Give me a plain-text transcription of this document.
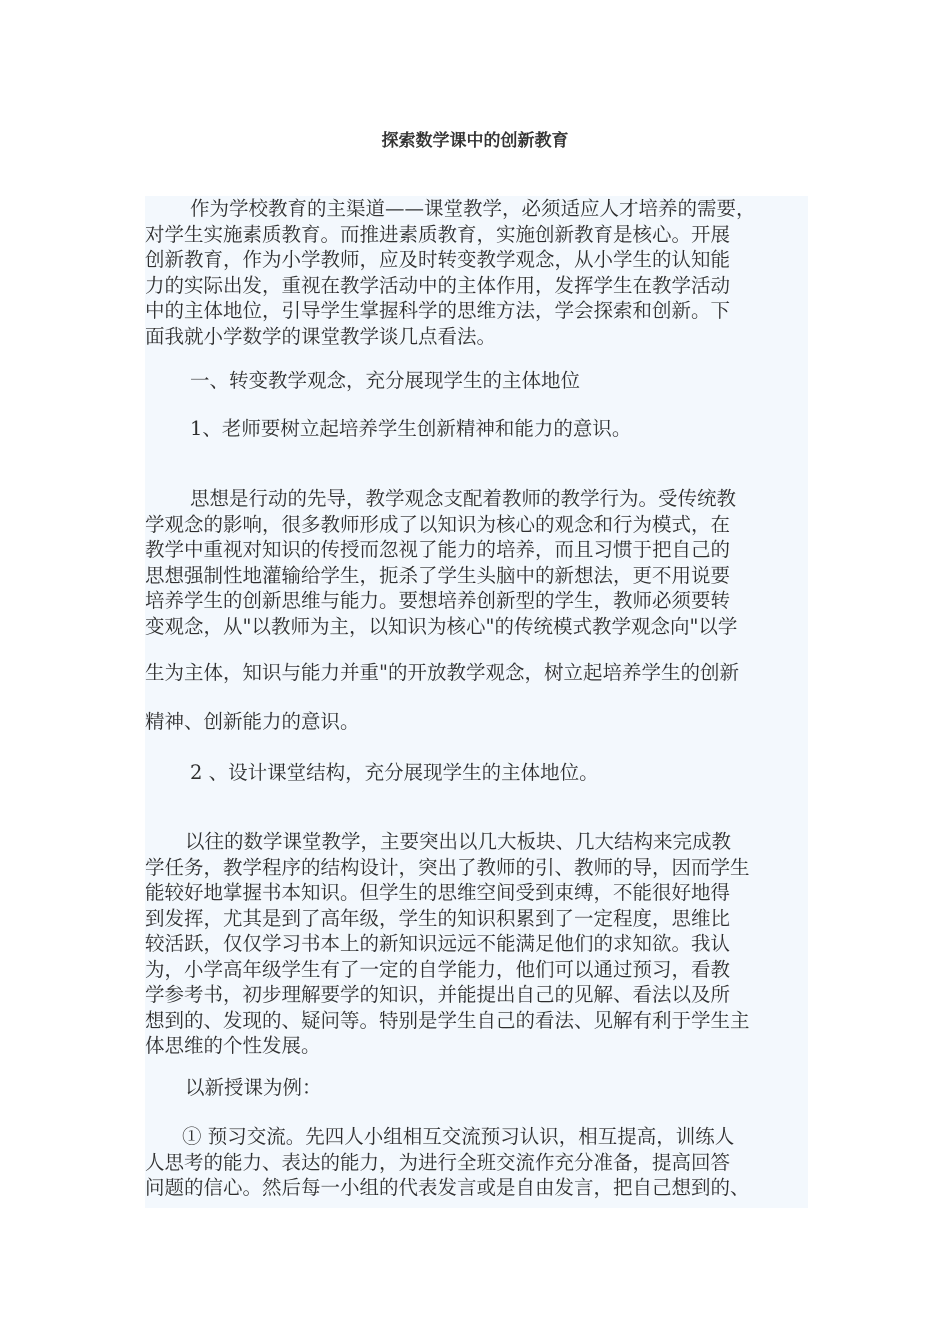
探索数学课中的创新教育
作为学校教育的主渠道——课堂教学，必须适应人才培养的需要，
对学生实施素质教育。而推进素质教育，实施创新教育是核心。开展
创新教育，作为小学教师，应及时转变教学观念，从小学生的认知能
力的实际出发，重视在教学活动中的主体作用，发挥学生在教学活动
中的主体地位，引导学生掌握科学的思维方法，学会探索和创新。下
面我就小学数学的课堂教学谈几点看法。
一、转变教学观念，充分展现学生的主体地位
1、老师要树立起培养学生创新精神和能力的意识。
思想是行动的先导，教学观念支配着教师的教学行为。受传统教
学观念的影响，很多教师形成了以知识为核心的观念和行为模式，在
教学中重视对知识的传授而忽视了能力的培养，而且习惯于把自己的
思想强制性地灌输给学生，扼杀了学生头脑中的新想法，更不用说要
培养学生的创新思维与能力。要想培养创新型的学生，教师必须要转
变观念，从"以教师为主，以知识为核心"的传统模式教学观念向"以学
生为主体，知识与能力并重"的开放教学观念，树立起培养学生的创新
精神、创新能力的意识。
2 、设计课堂结构，充分展现学生的主体地位。
以往的数学课堂教学，主要突出以几大板块、几大结构来完成教
学任务，教学程序的结构设计，突出了教师的引、教师的导，因而学生
能较好地掌握书本知识。但学生的思维空间受到束缚，不能很好地得
到发挥，尤其是到了高年级，学生的知识积累到了一定程度，思维比
较活跃，仅仅学习书本上的新知识远远不能满足他们的求知欲。我认
为，小学高年级学生有了一定的自学能力，他们可以通过预习，看教
学参考书，初步理解要学的知识，并能提出自己的见解、看法以及所
想到的、发现的、疑问等。特别是学生自己的看法、见解有利于学生主
体思维的个性发展。
以新授课为例：
① 预习交流。先四人小组相互交流预习认识，相互提高，训练人
人思考的能力、表达的能力，为进行全班交流作充分准备，提高回答
问题的信心。然后每一小组的代表发言或是自由发言，把自己想到的、
